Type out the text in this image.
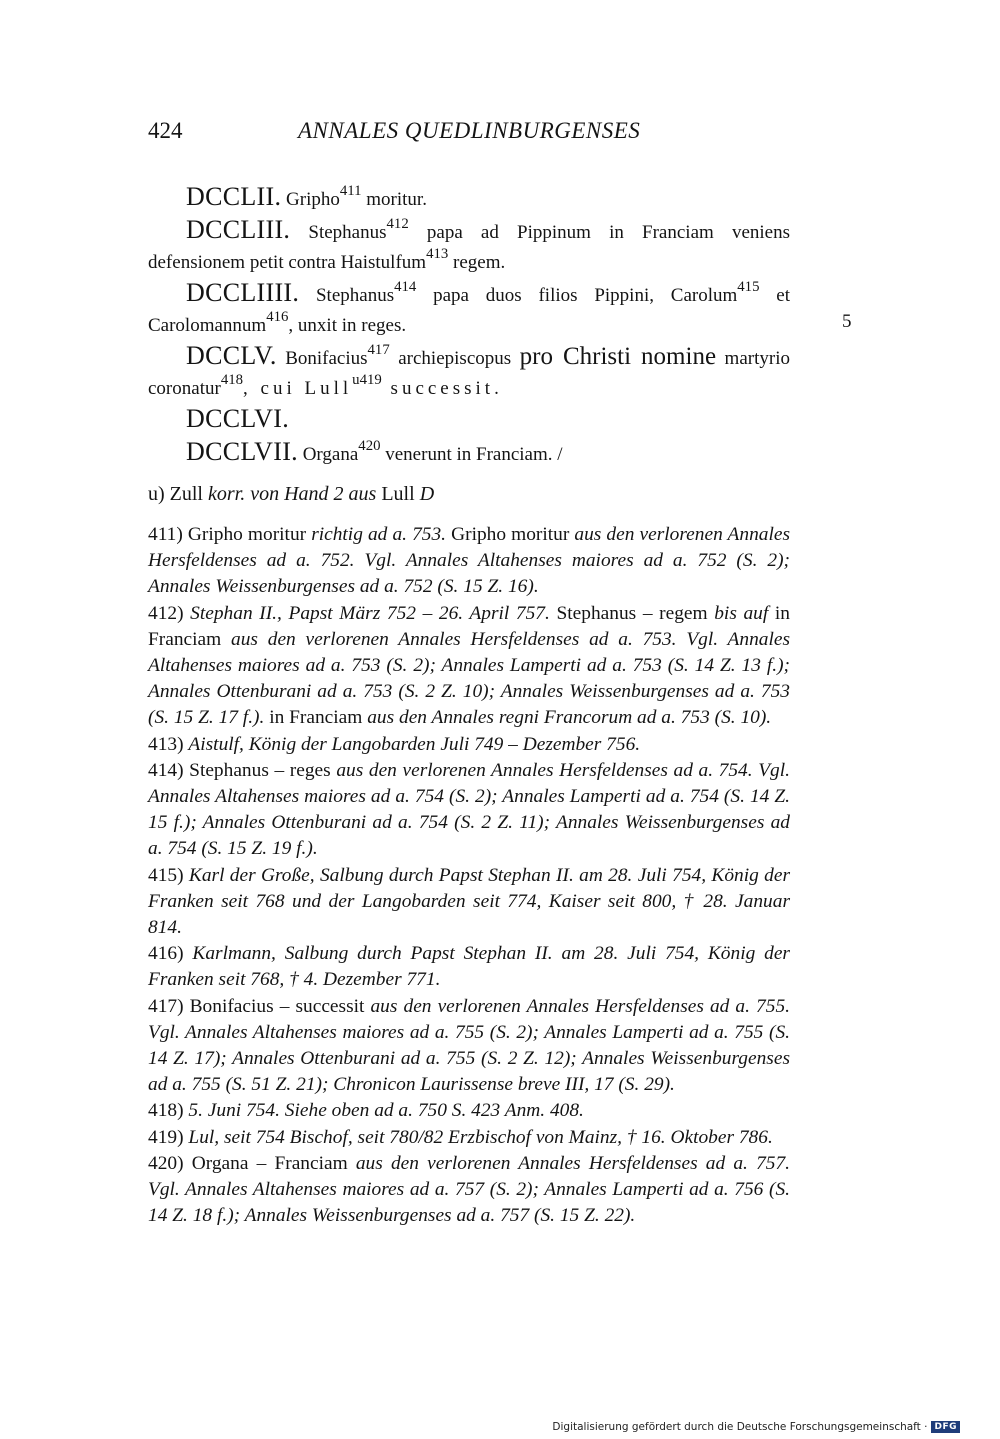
424	ANNALES QUEDLINBURGENSES
DCCLII. Gripho$^{411}$ moritur.
DCCLIII. Stephanus$^{412}$ papa ad Pippinum in Franciam veniens defensionem petit contra Haistulfum$^{413}$ regem.
DCCLIIII. Stephanus$^{414}$ papa duos filios Pippini, Carolum$^{415}$ et Carolomannum$^{416}$, unxit in reges.
DCCLV. Bonifacius$^{417}$ archiepiscopus pro Christi nomine martyrio coronatur$^{418}$, cui Lull$^{u419}$ successit.
DCCLVI.
DCCLVII. Organa$^{420}$ venerunt in Franciam. /
5
u) Zull korr. von Hand 2 aus Lull D
411) Gripho moritur richtig ad a. 753. Gripho moritur aus den verlorenen Annales Hersfeldenses ad a. 752. Vgl. Annales Altahenses maiores ad a. 752 (S. 2); Annales Weissenburgenses ad a. 752 (S. 15 Z. 16).
412) Stephan II., Papst März 752 – 26. April 757. Stephanus – regem bis auf in Franciam aus den verlorenen Annales Hersfeldenses ad a. 753. Vgl. Annales Altahenses maiores ad a. 753 (S. 2); Annales Lamperti ad a. 753 (S. 14 Z. 13 f.); Annales Ottenburani ad a. 753 (S. 2 Z. 10); Annales Weissenburgenses ad a. 753 (S. 15 Z. 17 f.). in Franciam aus den Annales regni Francorum ad a. 753 (S. 10).
413) Aistulf, König der Langobarden Juli 749 – Dezember 756.
414) Stephanus – reges aus den verlorenen Annales Hersfeldenses ad a. 754. Vgl. Annales Altahenses maiores ad a. 754 (S. 2); Annales Lamperti ad a. 754 (S. 14 Z. 15 f.); Annales Ottenburani ad a. 754 (S. 2 Z. 11); Annales Weissenburgenses ad a. 754 (S. 15 Z. 19 f.).
415) Karl der Große, Salbung durch Papst Stephan II. am 28. Juli 754, König der Franken seit 768 und der Langobarden seit 774, Kaiser seit 800, † 28. Januar 814.
416) Karlmann, Salbung durch Papst Stephan II. am 28. Juli 754, König der Franken seit 768, † 4. Dezember 771.
417) Bonifacius – successit aus den verlorenen Annales Hersfeldenses ad a. 755. Vgl. Annales Altahenses maiores ad a. 755 (S. 2); Annales Lamperti ad a. 755 (S. 14 Z. 17); Annales Ottenburani ad a. 755 (S. 2 Z. 12); Annales Weissenburgenses ad a. 755 (S. 51 Z. 21); Chronicon Laurissense breve III, 17 (S. 29).
418) 5. Juni 754. Siehe oben ad a. 750 S. 423 Anm. 408.
419) Lul, seit 754 Bischof, seit 780/82 Erzbischof von Mainz, † 16. Oktober 786.
420) Organa – Franciam aus den verlorenen Annales Hersfeldenses ad a. 757. Vgl. Annales Altahenses maiores ad a. 757 (S. 2); Annales Lamperti ad a. 756 (S. 14 Z. 18 f.); Annales Weissenburgenses ad a. 757 (S. 15 Z. 22).
Digitalisierung gefördert durch die Deutsche Forschungsgemeinschaft · DFG
